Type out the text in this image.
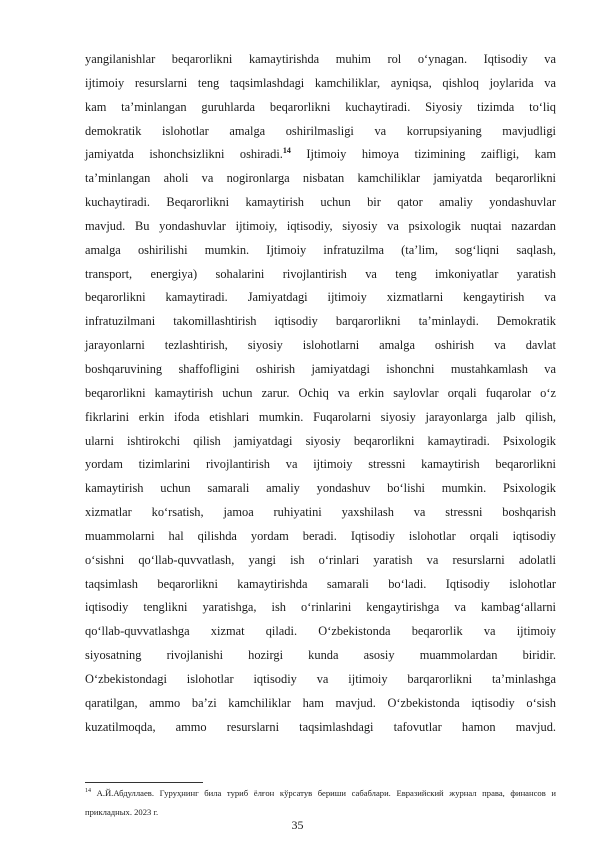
yangilanishlar beqarorlikni kamaytirishda muhim rol o‘ynagan. Iqtisodiy va
ijtimoiy resurslarni teng taqsimlashdagi kamchiliklar, ayniqsa, qishloq joylarida va
kam ta’minlangan guruhlarda beqarorlikni kuchaytiradi. Siyosiy tizimda to‘liq
demokratik islohotlar amalga oshirilmasligi va korrupsiyaning mavjudligi
jamiyatda ishonchsizlikni oshiradi.$^{14}$ Ijtimoiy himoya tizimining zaifligi, kam
ta’minlangan aholi va nogironlarga nisbatan kamchiliklar jamiyatda beqarorlikni
kuchaytiradi. Beqarorlikni kamaytirish uchun bir qator amaliy yondashuvlar
mavjud. Bu yondashuvlar ijtimoiy, iqtisodiy, siyosiy va psixologik nuqtai nazardan
amalga oshirilishi mumkin. Ijtimoiy infratuzilma (ta’lim, sog‘liqni saqlash,
transport, energiya) sohalarini rivojlantirish va teng imkoniyatlar yaratish
beqarorlikni kamaytiradi. Jamiyatdagi ijtimoiy xizmatlarni kengaytirish va
infratuzilmani takomillashtirish iqtisodiy barqarorlikni ta’minlaydi. Demokratik
jarayonlarni tezlashtirish, siyosiy islohotlarni amalga oshirish va davlat
boshqaruvining shaffofligini oshirish jamiyatdagi ishonchni mustahkamlash va
beqarorlikni kamaytirish uchun zarur. Ochiq va erkin saylovlar orqali fuqarolar o‘z
fikrlarini erkin ifoda etishlari mumkin. Fuqarolarni siyosiy jarayonlarga jalb qilish,
ularni ishtirokchi qilish jamiyatdagi siyosiy beqarorlikni kamaytiradi. Psixologik
yordam tizimlarini rivojlantirish va ijtimoiy stressni kamaytirish beqarorlikni
kamaytirish uchun samarali amaliy yondashuv bo‘lishi mumkin. Psixologik
xizmatlar ko‘rsatish, jamoa ruhiyatini yaxshilash va stressni boshqarish
muammolarni hal qilishda yordam beradi. Iqtisodiy islohotlar orqali iqtisodiy
o‘sishni qo‘llab-quvvatlash, yangi ish o‘rinlari yaratish va resurslarni adolatli
taqsimlash beqarorlikni kamaytirishda samarali bo‘ladi. Iqtisodiy islohotlar
iqtisodiy tenglikni yaratishga, ish o‘rinlarini kengaytirishga va kambag‘allarni
qo‘llab-quvvatlashga xizmat qiladi. O‘zbekistonda beqarorlik va ijtimoiy
siyosatning rivojlanishi hozirgi kunda asosiy muammolardan biridir.
O‘zbekistondagi islohotlar iqtisodiy va ijtimoiy barqarorlikni ta’minlashga
qaratilgan, ammo ba’zi kamchiliklar ham mavjud. O‘zbekistonda iqtisodiy o‘sish
kuzatilmoqda, ammo resurslarni taqsimlashdagi tafovutlar hamon mavjud.

$^{14}$ А.Й.Абдуллаев. Гуруҳнинг била туриб ёлғон кўрсатув бериши сабаблари. Евразийский журнал права, финансов и прикладных. 2023 г.
35
